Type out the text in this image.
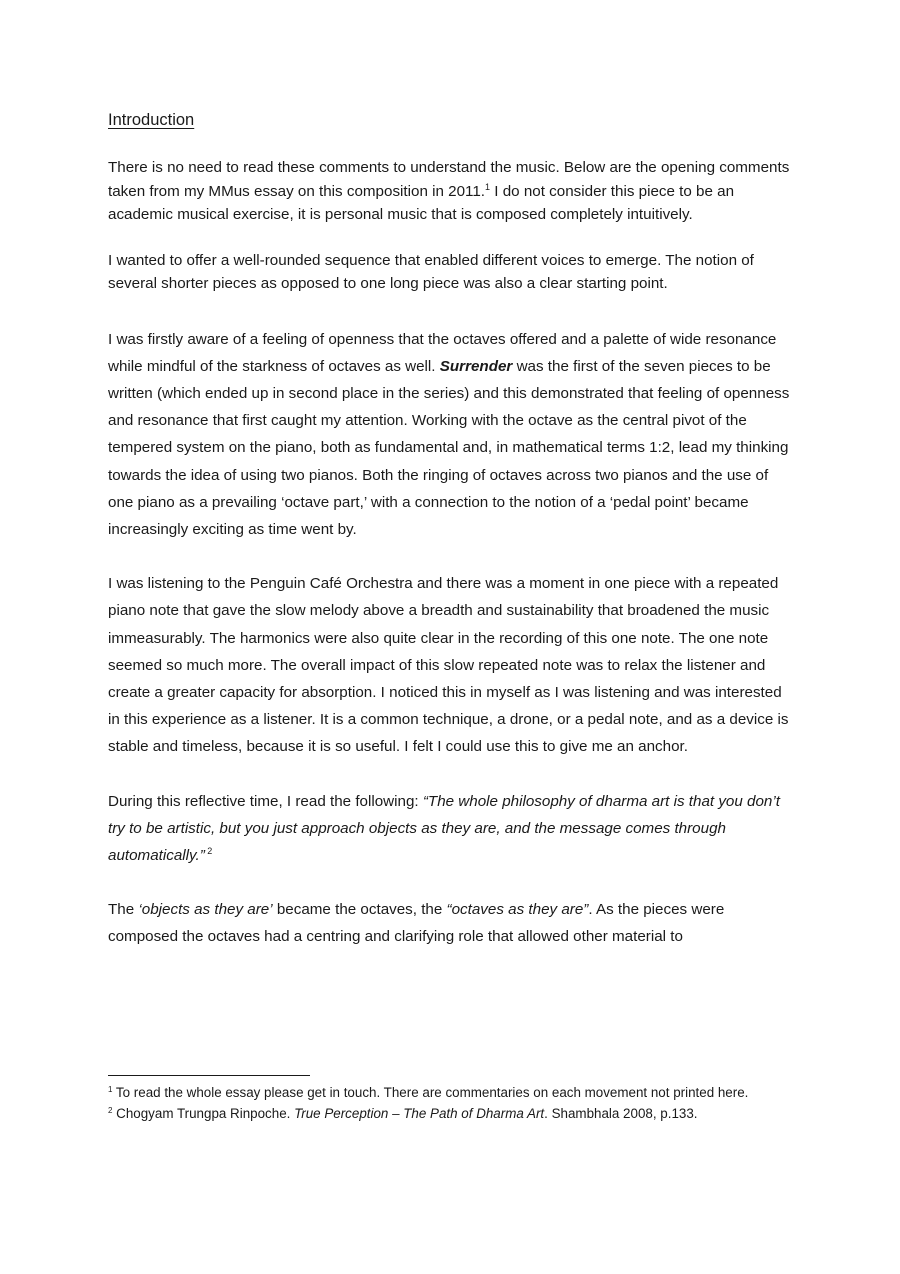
Introduction

There is no need to read these comments to understand the music. Below are the opening comments taken from my MMus essay on this composition in 2011.$^1$ I do not consider this piece to be an academic musical exercise, it is personal music that is composed completely intuitively.

I wanted to offer a well-rounded sequence that enabled different voices to emerge. The notion of several shorter pieces as opposed to one long piece was also a clear starting point.

I was firstly aware of a feeling of openness that the octaves offered and a palette of wide resonance while mindful of the starkness of octaves as well. Surrender was the first of the seven pieces to be written (which ended up in second place in the series) and this demonstrated that feeling of openness and resonance that first caught my attention. Working with the octave as the central pivot of the tempered system on the piano, both as fundamental and, in mathematical terms 1:2, lead my thinking towards the idea of using two pianos. Both the ringing of octaves across two pianos and the use of one piano as a prevailing ‘octave part,’ with a connection to the notion of a ‘pedal point’ became increasingly exciting as time went by.

I was listening to the Penguin Café Orchestra and there was a moment in one piece with a repeated piano note that gave the slow melody above a breadth and sustainability that broadened the music immeasurably. The harmonics were also quite clear in the recording of this one note. The one note seemed so much more. The overall impact of this slow repeated note was to relax the listener and create a greater capacity for absorption. I noticed this in myself as I was listening and was interested in this experience as a listener. It is a common technique, a drone, or a pedal note, and as a device is stable and timeless, because it is so useful. I felt I could use this to give me an anchor.

During this reflective time, I read the following: “The whole philosophy of dharma art is that you don’t try to be artistic, but you just approach objects as they are, and the message comes through automatically.” $^2$

The ‘objects as they are’ became the octaves, the “octaves as they are”. As the pieces were composed the octaves had a centring and clarifying role that allowed other material to

$^1$ To read the whole essay please get in touch. There are commentaries on each movement not printed here.

$^2$ Chogyam Trungpa Rinpoche. True Perception – The Path of Dharma Art. Shambhala 2008, p.133.
